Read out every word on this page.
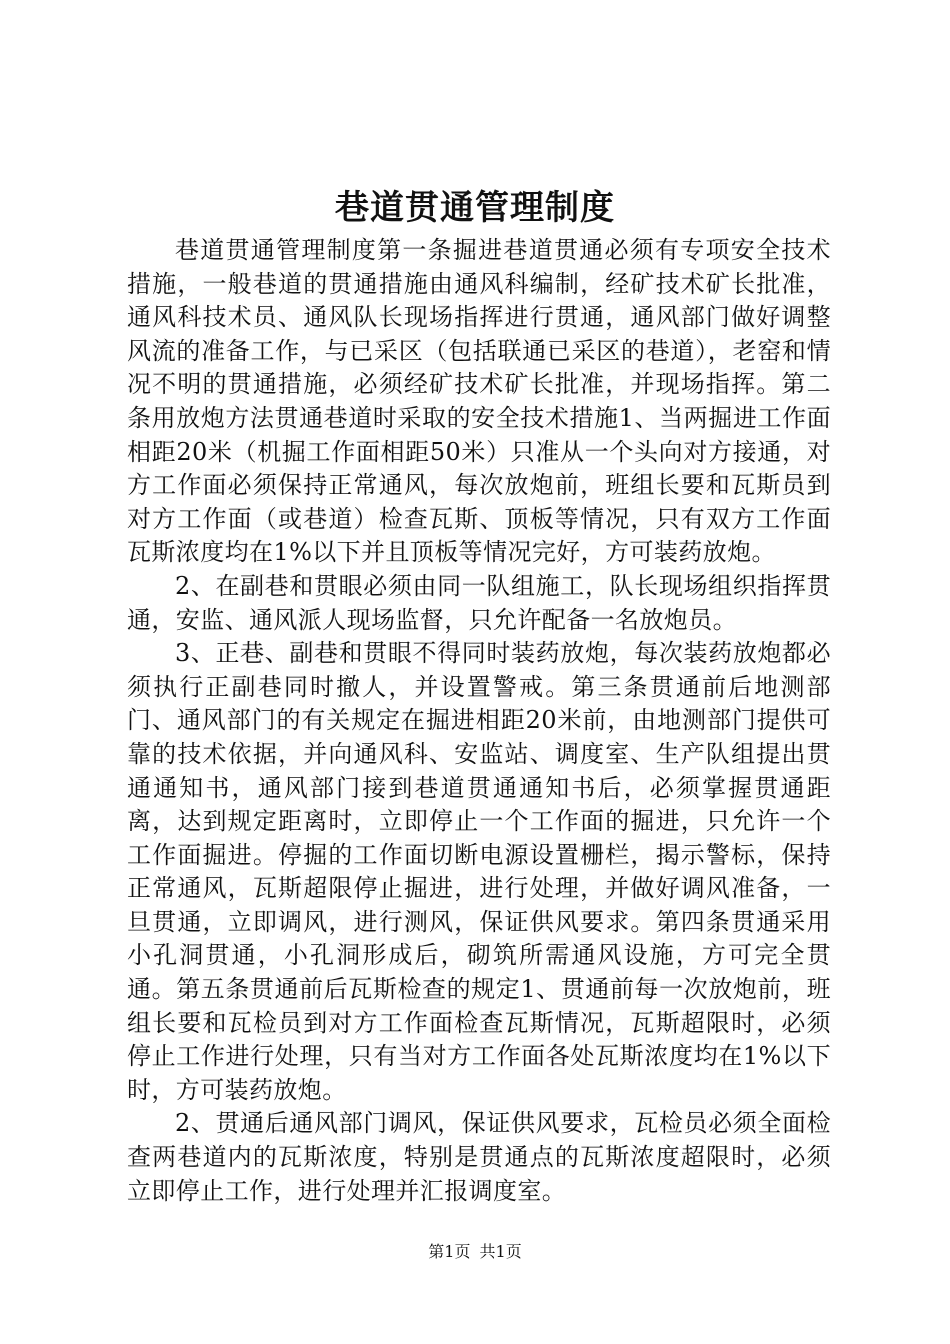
巷道贯通管理制度

巷道贯通管理制度第一条掘进巷道贯通必须有专项安全技术措施，一般巷道的贯通措施由通风科编制，经矿技术矿长批准，通风科技术员、通风队长现场指挥进行贯通，通风部门做好调整风流的准备工作，与已采区（包括联通已采区的巷道），老窑和情况不明的贯通措施，必须经矿技术矿长批准，并现场指挥。第二条用放炮方法贯通巷道时采取的安全技术措施1、当两掘进工作面相距20米（机掘工作面相距50米）只准从一个头向对方接通，对方工作面必须保持正常通风，每次放炮前，班组长要和瓦斯员到对方工作面（或巷道）检查瓦斯、顶板等情况，只有双方工作面瓦斯浓度均在1%以下并且顶板等情况完好，方可装药放炮。

2、在副巷和贯眼必须由同一队组施工，队长现场组织指挥贯通，安监、通风派人现场监督，只允许配备一名放炮员。

3、正巷、副巷和贯眼不得同时装药放炮，每次装药放炮都必须执行正副巷同时撤人，并设置警戒。第三条贯通前后地测部门、通风部门的有关规定在掘进相距20米前，由地测部门提供可靠的技术依据，并向通风科、安监站、调度室、生产队组提出贯通通知书，通风部门接到巷道贯通通知书后，必须掌握贯通距离，达到规定距离时，立即停止一个工作面的掘进，只允许一个工作面掘进。停掘的工作面切断电源设置栅栏，揭示警标，保持正常通风，瓦斯超限停止掘进，进行处理，并做好调风准备，一旦贯通，立即调风，进行测风，保证供风要求。第四条贯通采用小孔洞贯通，小孔洞形成后，砌筑所需通风设施，方可完全贯通。第五条贯通前后瓦斯检查的规定1、贯通前每一次放炮前，班组长要和瓦检员到对方工作面检查瓦斯情况，瓦斯超限时，必须停止工作进行处理，只有当对方工作面各处瓦斯浓度均在1%以下时，方可装药放炮。

2、贯通后通风部门调风，保证供风要求，瓦检员必须全面检查两巷道内的瓦斯浓度，特别是贯通点的瓦斯浓度超限时，必须立即停止工作，进行处理并汇报调度室。

第1页 共1页
